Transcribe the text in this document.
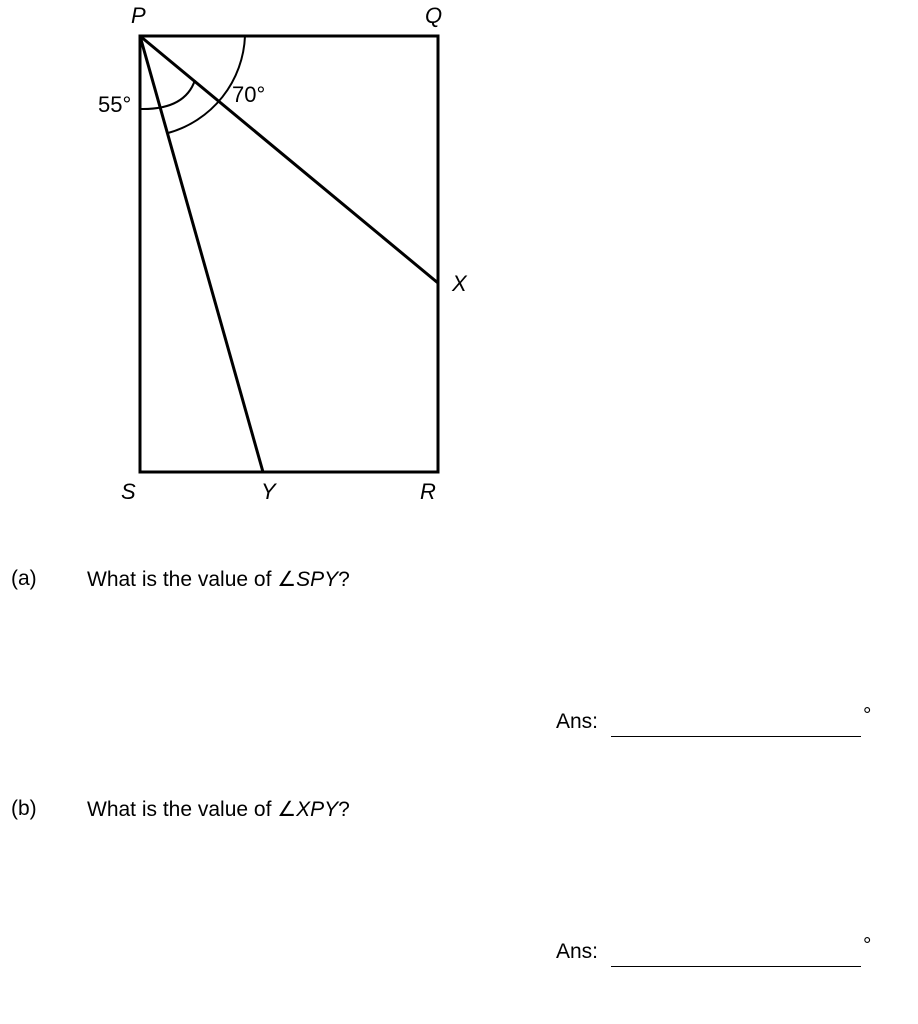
P	Q
X
S	Y	R
55°	70°
(a) What is the value of ∠SPY?
Ans:	°
(b) What is the value of ∠XPY?
Ans:	°
